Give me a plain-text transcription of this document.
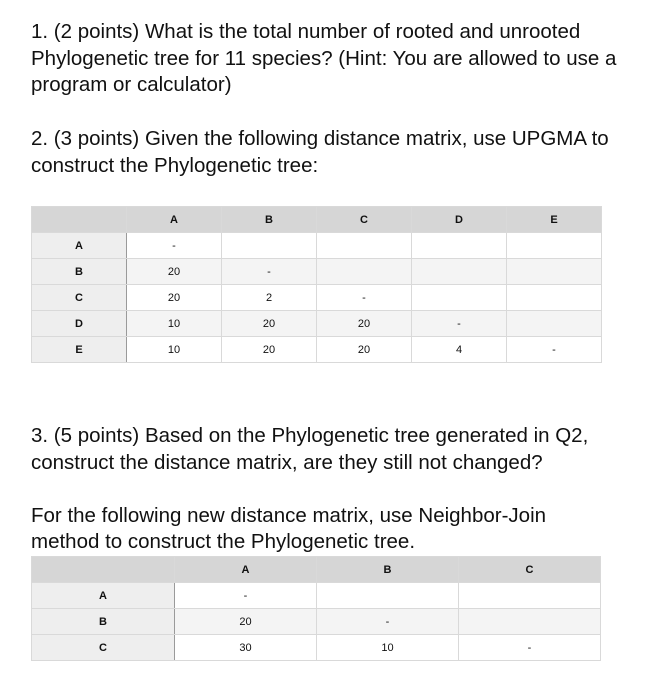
1. (2 points) What is the total number of rooted and unrooted Phylogenetic tree for 11 species? (Hint: You are allowed to use a program or calculator)

2. (3 points) Given the following distance matrix, use UPGMA to construct the Phylogenetic tree:

	A	B	C	D	E
A	-				
B	20	-			
C	20	2	-		
D	10	20	20	-	
E	10	20	20	4	-

3. (5 points) Based on the Phylogenetic tree generated in Q2, construct the distance matrix, are they still not changed?

For the following new distance matrix, use Neighbor-Join

method to construct the Phylogenetic tree.

	A	B	C
A	-		
B	20	-	
C	30	10	-
